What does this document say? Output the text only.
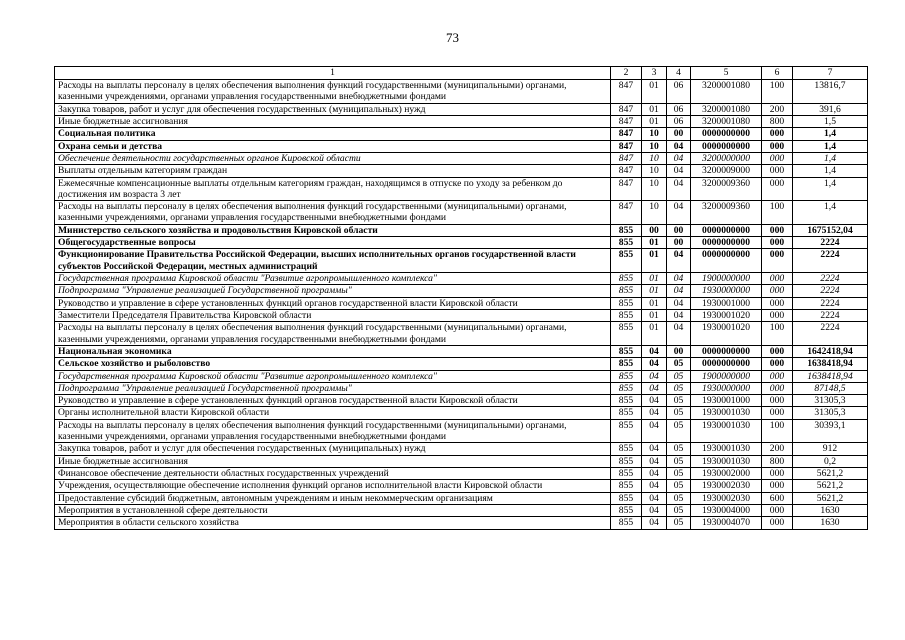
73
1	2	3	4	5	6	7
Расходы на выплаты персоналу в целях обеспечения выполнения функций государственными (муниципальными) органами, казенными учреждениями, органами управления государственными внебюджетными фондами	847	01	06	3200001080	100	13816,7
Закупка товаров, работ и услуг для обеспечения государственных (муниципальных) нужд	847	01	06	3200001080	200	391,6
Иные бюджетные ассигнования	847	01	06	3200001080	800	1,5
Социальная политика	847	10	00	0000000000	000	1,4
Охрана семьи и детства	847	10	04	0000000000	000	1,4
Обеспечение деятельности государственных органов Кировской области	847	10	04	3200000000	000	1,4
Выплаты отдельным категориям граждан	847	10	04	3200009000	000	1,4
Ежемесячные компенсационные выплаты отдельным категориям граждан, находящимся в отпуске по уходу за ребенком до достижения им возраста 3 лет	847	10	04	3200009360	000	1,4
Расходы на выплаты персоналу в целях обеспечения выполнения функций государственными (муниципальными) органами, казенными учреждениями, органами управления государственными внебюджетными фондами	847	10	04	3200009360	100	1,4
Министерство сельского хозяйства и продовольствия Кировской области	855	00	00	0000000000	000	1675152,04
Общегосударственные вопросы	855	01	00	0000000000	000	2224
Функционирование Правительства Российской Федерации, высших исполнительных органов государственной власти субъектов Российской Федерации, местных администраций	855	01	04	0000000000	000	2224
Государственная программа Кировской области "Развитие агропромышленного комплекса"	855	01	04	1900000000	000	2224
Подпрограмма "Управление реализацией Государственной программы"	855	01	04	1930000000	000	2224
Руководство и управление в сфере установленных функций органов государственной власти Кировской области	855	01	04	1930001000	000	2224
Заместители Председателя Правительства Кировской области	855	01	04	1930001020	000	2224
Расходы на выплаты персоналу в целях обеспечения выполнения функций государственными (муниципальными) органами, казенными учреждениями, органами управления государственными внебюджетными фондами	855	01	04	1930001020	100	2224
Национальная экономика	855	04	00	0000000000	000	1642418,94
Сельское хозяйство и рыболовство	855	04	05	0000000000	000	1638418,94
Государственная программа Кировской области "Развитие агропромышленного комплекса"	855	04	05	1900000000	000	1638418,94
Подпрограмма "Управление реализацией Государственной программы"	855	04	05	1930000000	000	87148,5
Руководство и управление в сфере установленных функций органов государственной власти Кировской области	855	04	05	1930001000	000	31305,3
Органы исполнительной власти Кировской области	855	04	05	1930001030	000	31305,3
Расходы на выплаты персоналу в целях обеспечения выполнения функций государственными (муниципальными) органами, казенными учреждениями, органами управления государственными внебюджетными фондами	855	04	05	1930001030	100	30393,1
Закупка товаров, работ и услуг для обеспечения государственных (муниципальных) нужд	855	04	05	1930001030	200	912
Иные бюджетные ассигнования	855	04	05	1930001030	800	0,2
Финансовое обеспечение деятельности областных государственных учреждений	855	04	05	1930002000	000	5621,2
Учреждения, осуществляющие обеспечение исполнения функций органов исполнительной власти Кировской области	855	04	05	1930002030	000	5621,2
Предоставление субсидий бюджетным, автономным учреждениям и иным некоммерческим организациям	855	04	05	1930002030	600	5621,2
Мероприятия в установленной сфере деятельности	855	04	05	1930004000	000	1630
Мероприятия в области сельского хозяйства	855	04	05	1930004070	000	1630
